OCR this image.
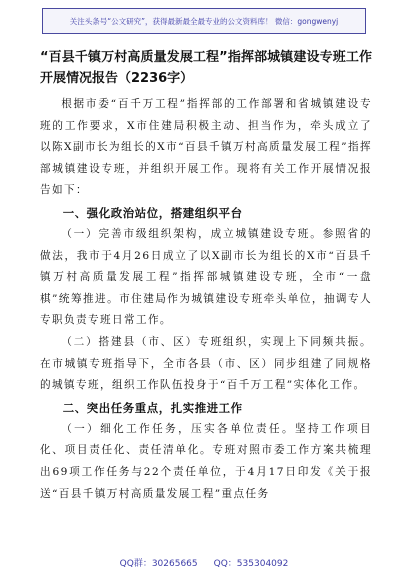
关注头条号“公文研究”，获得最新最全最专业的公文资料库！ 微信：gongwenyj
“百县千镇万村高质量发展工程”指挥部城镇建设专班工作开展情况报告（2236字）

根据市委“百千万工程”指挥部的工作部署和省城镇建设专班的工作要求，X市住建局积极主动、担当作为，牵头成立了以陈X副市长为组长的X市“百县千镇万村高质量发展工程”指挥部城镇建设专班，并组织开展工作。现将有关工作开展情况报告如下：

一、强化政治站位，搭建组织平台

（一）完善市级组织架构，成立城镇建设专班。参照省的做法，我市于4月26日成立了以X副市长为组长的X市“百县千镇万村高质量发展工程”指挥部城镇建设专班，全市“一盘棋”统筹推进。市住建局作为城镇建设专班牵头单位，抽调专人专职负责专班日常工作。

（二）搭建县（市、区）专班组织，实现上下同频共振。在市城镇专班指导下，全市各县（市、区）同步组建了同规格的城镇专班，组织工作队伍投身于“百千万工程”实体化工作。

二、突出任务重点，扎实推进工作

（一）细化工作任务，压实各单位责任。坚持工作项目化、项目责任化、责任清单化。专班对照市委工作方案共梳理出69项工作任务与22个责任单位，于4月17日印发《关于报送“百县千镇万村高质量发展工程”重点任务

QQ群：30265665 QQ：535304092
